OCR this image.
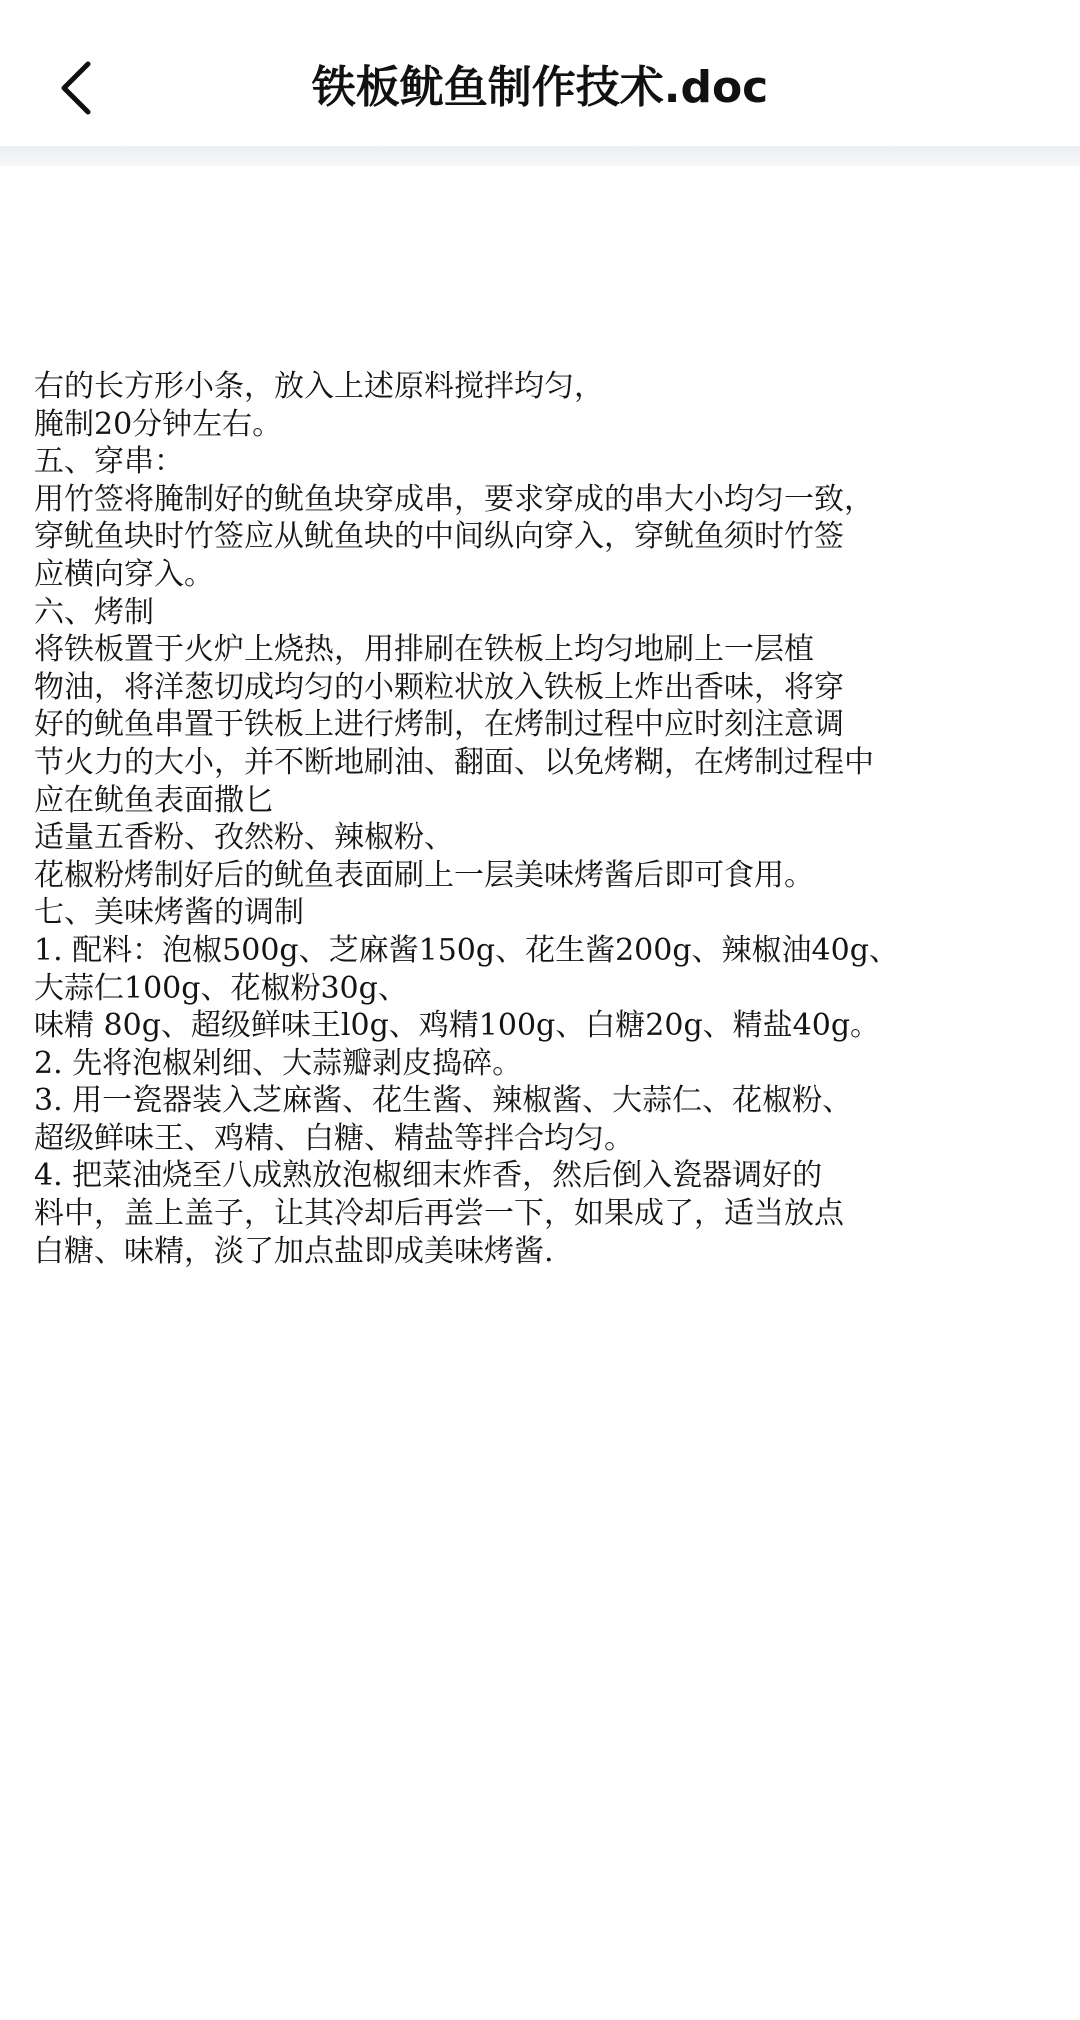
铁板鱿鱼制作技术.doc
右的长方形小条，放入上述原料搅拌均匀，
腌制20分钟左右。
五、穿串：
用竹签将腌制好的鱿鱼块穿成串，要求穿成的串大小均匀一致，
穿鱿鱼块时竹签应从鱿鱼块的中间纵向穿入，穿鱿鱼须时竹签
应横向穿入。
六、烤制
将铁板置于火炉上烧热，用排刷在铁板上均匀地刷上一层植
物油，将洋葱切成均匀的小颗粒状放入铁板上炸出香味，将穿
好的鱿鱼串置于铁板上进行烤制，在烤制过程中应时刻注意调
节火力的大小，并不断地刷油、翻面、以免烤糊，在烤制过程中
应在鱿鱼表面撒匕
适量五香粉、孜然粉、辣椒粉、
花椒粉烤制好后的鱿鱼表面刷上一层美味烤酱后即可食用。
七、美味烤酱的调制
1. 配料：泡椒500g、芝麻酱150g、花生酱200g、辣椒油40g、
大蒜仁100g、花椒粉30g、
味精 80g、超级鲜味王l0g、鸡精100g、白糖20g、精盐40g。
2. 先将泡椒剁细、大蒜瓣剥皮捣碎。
3. 用一瓷器装入芝麻酱、花生酱、辣椒酱、大蒜仁、花椒粉、
超级鲜味王、鸡精、白糖、精盐等拌合均匀。
4. 把菜油烧至八成熟放泡椒细末炸香，然后倒入瓷器调好的
料中，盖上盖子，让其冷却后再尝一下，如果成了，适当放点
白糖、味精，淡了加点盐即成美味烤酱.
